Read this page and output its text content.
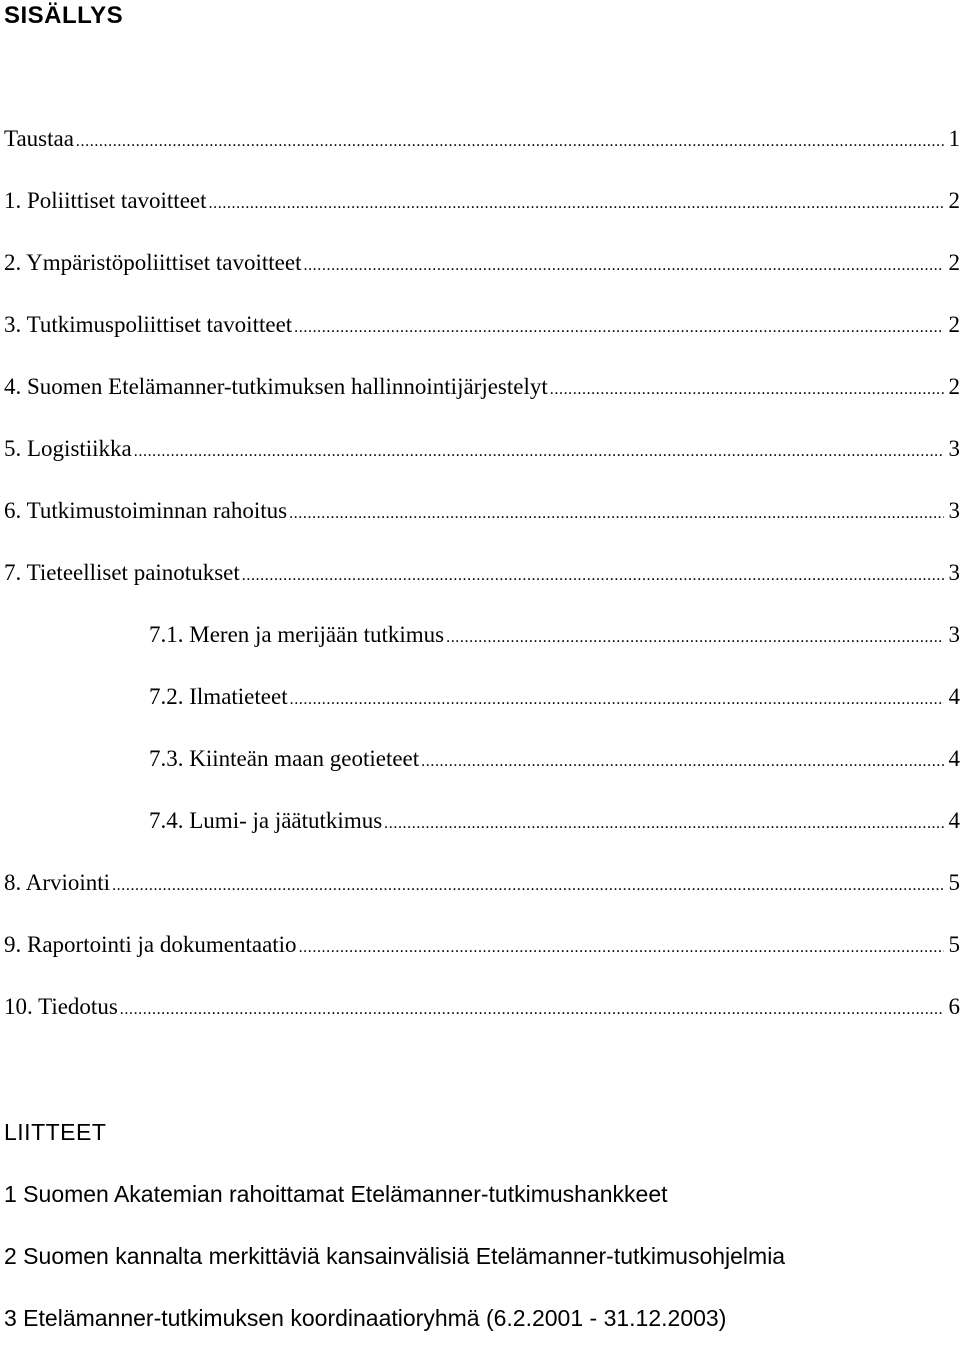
SISÄLLYS
Taustaa .....	1
1. Poliittiset tavoitteet .....	2
2. Ympäristöpoliittiset tavoitteet .....	2
3. Tutkimuspoliittiset tavoitteet .....	2
4. Suomen Etelämanner-tutkimuksen hallinnointijärjestelyt .....	2
5. Logistiikka .....	3
6. Tutkimustoiminnan rahoitus .....	3
7. Tieteelliset painotukset .....	3
7.1. Meren ja merijään tutkimus .....	3
7.2. Ilmatieteet .....	4
7.3. Kiinteän maan geotieteet .....	4
7.4. Lumi- ja jäätutkimus .....	4
8. Arviointi .....	5
9. Raportointi ja dokumentaatio .....	5
10. Tiedotus .....	6
LIITTEET
1 Suomen Akatemian rahoittamat Etelämanner-tutkimushankkeet
2 Suomen kannalta merkittäviä kansainvälisiä Etelämanner-tutkimusohjelmia
3 Etelämanner-tutkimuksen koordinaatioryhmä (6.2.2001 - 31.12.2003)
